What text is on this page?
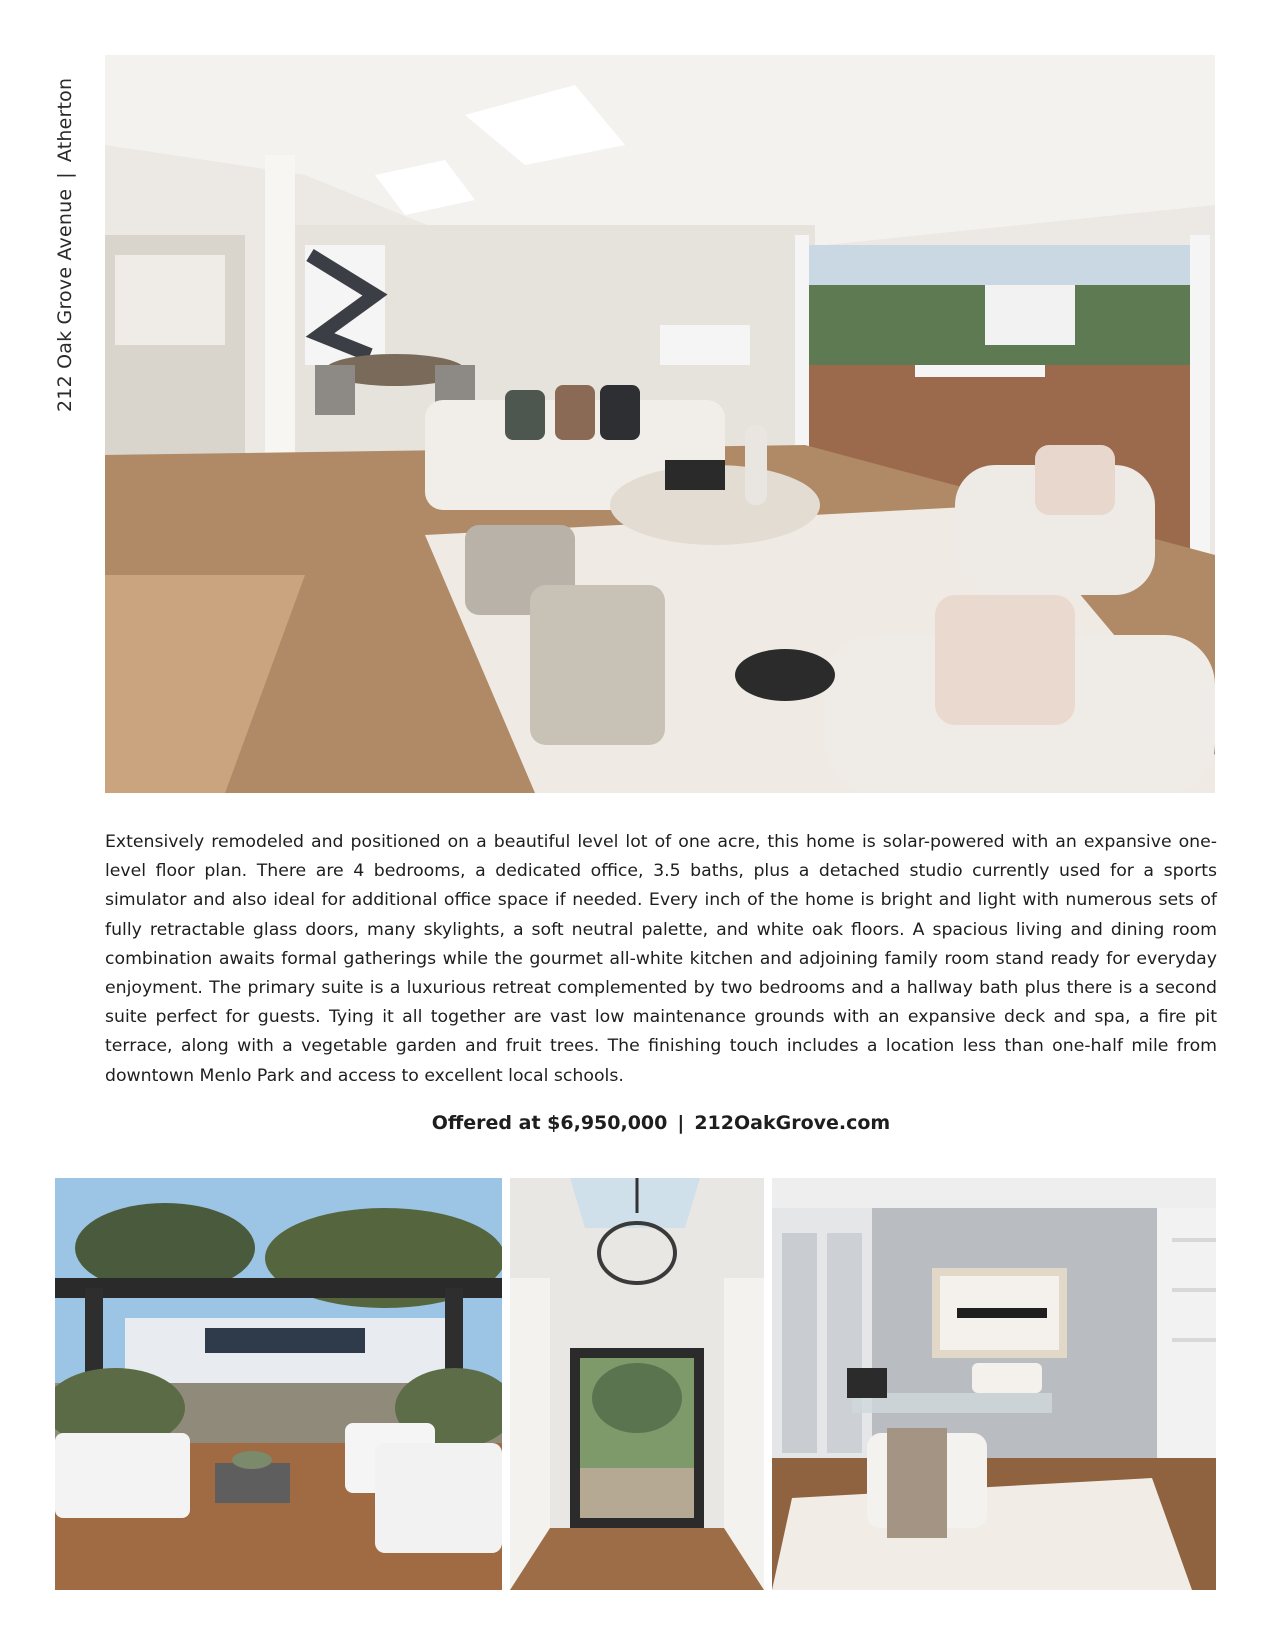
212 Oak Grove Avenue|Atherton

Extensively remodeled and positioned on a beautiful level lot of one acre, this home is solar-powered with an expansive one-level floor plan. There are 4 bedrooms, a dedicated office, 3.5 baths, plus a detached studio currently used for a sports simulator and also ideal for additional office space if needed. Every inch of the home is bright and light with numerous sets of fully retractable glass doors, many skylights, a soft neutral palette, and white oak floors. A spacious living and dining room combination awaits formal gatherings while the gourmet all-white kitchen and adjoining family room stand ready for everyday enjoyment. The primary suite is a luxurious retreat complemented by two bedrooms and a hallway bath plus there is a second suite perfect for guests. Tying it all together are vast low maintenance grounds with an expansive deck and spa, a fire pit terrace, along with a vegetable garden and fruit trees. The finishing touch includes a location less than one-half mile from downtown Menlo Park and access to excellent local schools.

Offered at $6,950,000 | 212OakGrove.com
